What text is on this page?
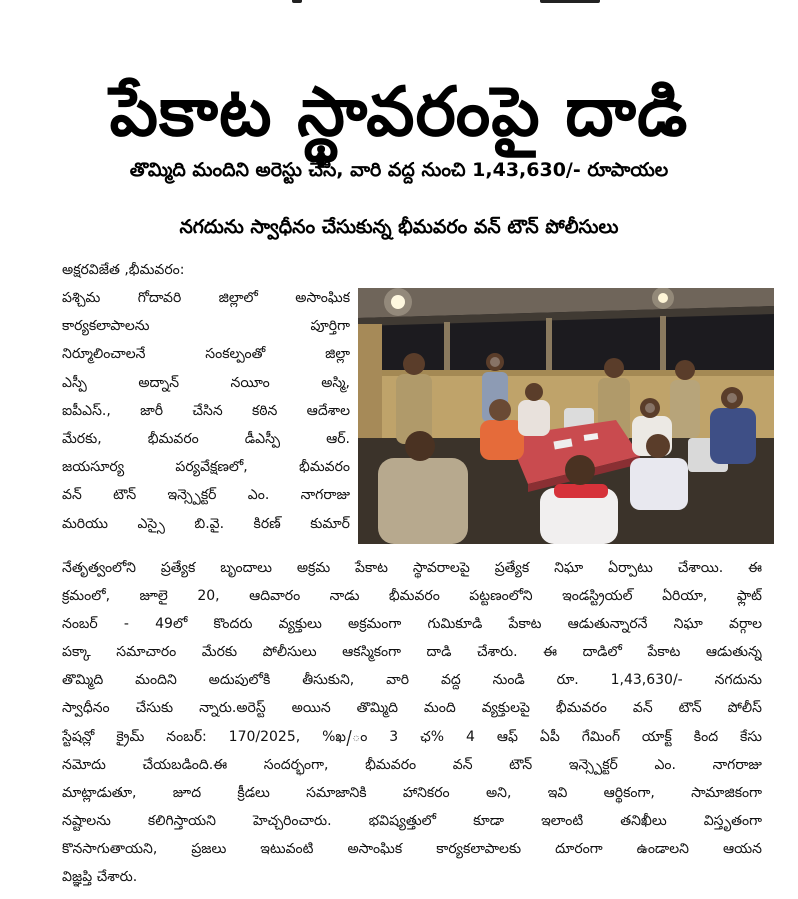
పేకాట స్థావరంపై దాడి
తొమ్మిది మందిని అరెస్టు చేసి, వారి వద్ద నుంచి 1,43,630/- రూపాయల
నగదును స్వాధీనం చేసుకున్న భీమవరం వన్ టౌన్ పోలీసులు
అక్షరవిజేత ,భీమవరం:
పశ్చిమ గోదావరి జిల్లాలో అసాంఘిక
కార్యకలాపాలను పూర్తిగా
నిర్మూలించాలనే సంకల్పంతో జిల్లా
ఎస్పీ అద్నాన్ నయీం అస్మి,
ఐపీఎస్., జారీ చేసిన కఠిన ఆదేశాల
మేరకు, భీమవరం డీఎస్పీ ఆర్.
జయసూర్య పర్యవేక్షణలో, భీమవరం
వన్ టౌన్ ఇన్స్పెక్టర్ ఎం. నాగరాజు
మరియు ఎస్సై బి.వై. కిరణ్ కుమార్
నేతృత్వంలోని ప్రత్యేక బృందాలు అక్రమ పేకాట స్థావరాలపై ప్రత్యేక నిఘా ఏర్పాటు చేశాయి. ఈ
క్రమంలో, జూలై 20, ఆదివారం నాడు భీమవరం పట్టణంలోని ఇండస్ట్రియల్ ఏరియా, ఫ్లాట్
నంబర్ - 49లో కొందరు వ్యక్తులు అక్రమంగా గుమికూడి పేకాట ఆడుతున్నారనే నిఘా వర్గాల
పక్కా సమాచారం మేరకు పోలీసులు ఆకస్మికంగా దాడి చేశారు. ఈ దాడిలో పేకాట ఆడుతున్న
తొమ్మిది మందిని అదుపులోకి తీసుకుని, వారి వద్ద నుండి రూ. 1,43,630/- నగదును
స్వాధీనం చేసుకు న్నారు.అరెస్ట్ అయిన తొమ్మిది మంది వ్యక్తులపై భీమవరం వన్ టౌన్ పోలీస్
స్టేషన్లో క్రైమ్ నంబర్: 170/2025, %ఖ/ం 3 ఛ% 4 ఆఫ్ ఏపీ గేమింగ్ యాక్ట్ కింద కేసు
నమోదు చేయబడింది.ఈ సందర్భంగా, భీమవరం వన్ టౌన్ ఇన్స్పెక్టర్ ఎం. నాగరాజు
మాట్లాడుతూ, జూద క్రీడలు సమాజానికి హానికరం అని, ఇవి ఆర్థికంగా, సామాజికంగా
నష్టాలను కలిగిస్తాయని హెచ్చరించారు. భవిష్యత్తులో కూడా ఇలాంటి తనిఖీలు విస్తృతంగా
కొనసాగుతాయని, ప్రజలు ఇటువంటి అసాంఘిక కార్యకలాపాలకు దూరంగా ఉండాలని ఆయన
విజ్ఞప్తి చేశారు.
